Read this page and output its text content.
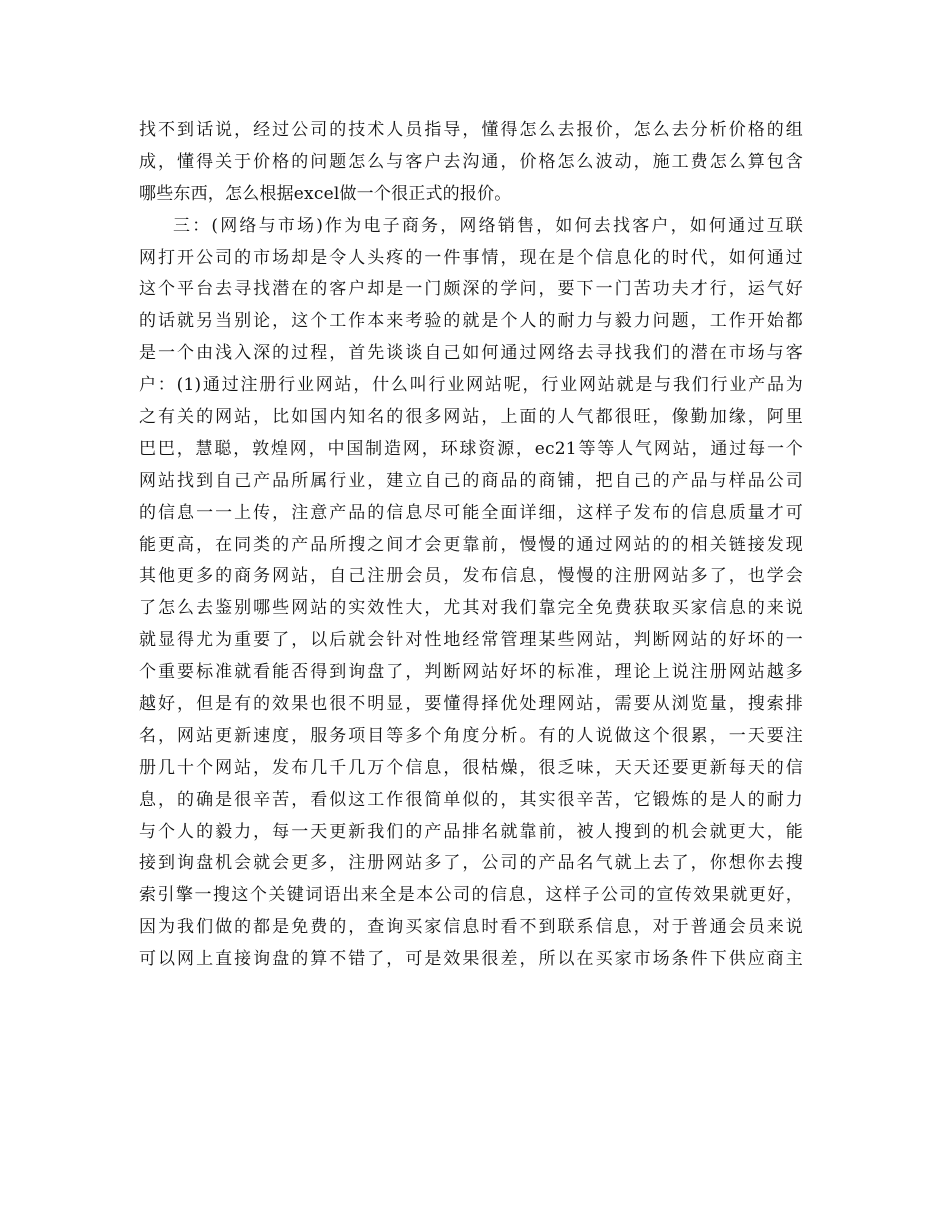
找不到话说，经过公司的技术人员指导，懂得怎么去报价，怎么去分析价格的组
成，懂得关于价格的问题怎么与客户去沟通，价格怎么波动，施工费怎么算包含
哪些东西，怎么根据excel做一个很正式的报价。
三：(网络与市场)作为电子商务，网络销售，如何去找客户，如何通过互联
网打开公司的市场却是令人头疼的一件事情，现在是个信息化的时代，如何通过
这个平台去寻找潜在的客户却是一门颇深的学问，要下一门苦功夫才行，运气好
的话就另当别论，这个工作本来考验的就是个人的耐力与毅力问题，工作开始都
是一个由浅入深的过程，首先谈谈自己如何通过网络去寻找我们的潜在市场与客
户：(1)通过注册行业网站，什么叫行业网站呢，行业网站就是与我们行业产品为
之有关的网站，比如国内知名的很多网站，上面的人气都很旺，像勤加缘，阿里
巴巴，慧聪，敦煌网，中国制造网，环球资源，ec21等等人气网站，通过每一个
网站找到自己产品所属行业，建立自己的商品的商铺，把自己的产品与样品公司
的信息一一上传，注意产品的信息尽可能全面详细，这样子发布的信息质量才可
能更高，在同类的产品所搜之间才会更靠前，慢慢的通过网站的的相关链接发现
其他更多的商务网站，自己注册会员，发布信息，慢慢的注册网站多了，也学会
了怎么去鉴别哪些网站的实效性大，尤其对我们靠完全免费获取买家信息的来说
就显得尤为重要了，以后就会针对性地经常管理某些网站，判断网站的好坏的一
个重要标准就看能否得到询盘了，判断网站好坏的标准，理论上说注册网站越多
越好，但是有的效果也很不明显，要懂得择优处理网站，需要从浏览量，搜索排
名，网站更新速度，服务项目等多个角度分析。有的人说做这个很累，一天要注
册几十个网站，发布几千几万个信息，很枯燥，很乏味，天天还要更新每天的信
息，的确是很辛苦，看似这工作很简单似的，其实很辛苦，它锻炼的是人的耐力
与个人的毅力，每一天更新我们的产品排名就靠前，被人搜到的机会就更大，能
接到询盘机会就会更多，注册网站多了，公司的产品名气就上去了，你想你去搜
索引擎一搜这个关键词语出来全是本公司的信息，这样子公司的宣传效果就更好，
因为我们做的都是免费的，查询买家信息时看不到联系信息，对于普通会员来说
可以网上直接询盘的算不错了，可是效果很差，所以在买家市场条件下供应商主
